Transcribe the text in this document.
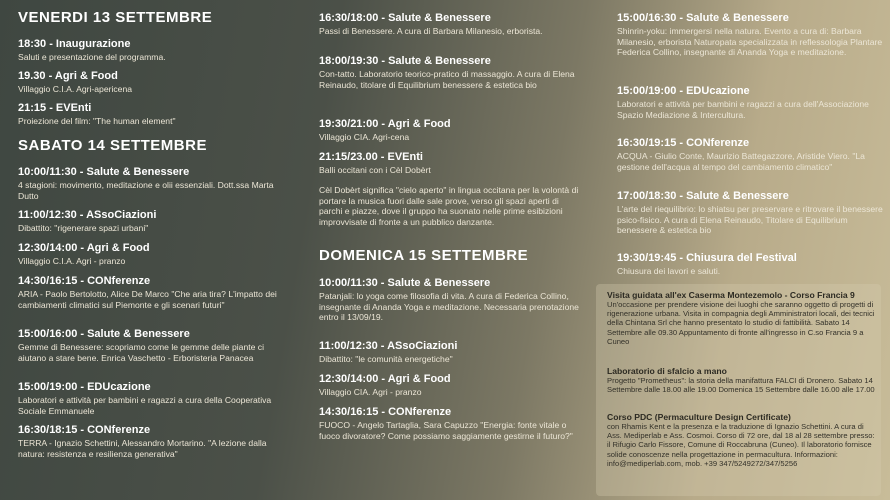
VENERDI 13 SETTEMBRE
18:30 - Inaugurazione
Saluti e presentazione del programma.
19.30 - Agri & Food
Villaggio C.I.A. Agri-apericena
21:15 - EVEnti
Proiezione del film: "The human element"
SABATO 14 SETTEMBRE
10:00/11:30 - Salute & Benessere
4 stagioni: movimento, meditazione e olii essenziali. Dott.ssa Marta Dutto
11:00/12:30 - ASsoCiazioni
Dibattito: "rigenerare spazi urbani"
12:30/14:00 - Agri & Food
Villaggio C.I.A. Agri - pranzo
14:30/16:15 - CONferenze
ARIA - Paolo Bertolotto, Alice De Marco "Che aria tira? L'impatto dei cambiamenti climatici sul Piemonte e gli scenari futuri"
15:00/16:00 - Salute & Benessere
Gemme di Benessere: scopriamo come le gemme delle piante ci aiutano a stare bene. Enrica Vaschetto - Erboristeria Panacea
15:00/19:00 - EDUcazione
Laboratori e attività per bambini e ragazzi a cura della Cooperativa Sociale Emmanuele
16:30/18:15 - CONferenze
TERRA - Ignazio Schettini, Alessandro Mortarino. "A lezione dalla natura: resistenza e resilienza generativa"
16:30/18:00 - Salute & Benessere
Passi di Benessere. A cura di Barbara Milanesio, erborista.
18:00/19:30 - Salute & Benessere
Con-tatto. Laboratorio teorico-pratico di massaggio. A cura di Elena Reinaudo, titolare di Equilibrium benessere & estetica bio
19:30/21:00 - Agri & Food
Villaggio CIA. Agri-cena
21:15/23.00 - EVEnti
Balli occitani con i Cèl Dobèrt
Cèl Dobèrt significa "cielo aperto" in lingua occitana per la volontà di portare la musica fuori dalle sale prove, verso gli spazi aperti di parchi e piazze, dove il gruppo ha suonato nelle prime esibizioni improvvisate di fronte a un pubblico danzante.
DOMENICA 15 SETTEMBRE
10:00/11:30 - Salute & Benessere
Patanjali: lo yoga come filosofia di vita. A cura di Federica Collino, insegnante di Ananda Yoga e meditazione. Necessaria prenotazione entro il 13/09/19.
11:00/12:30 - ASsoCiazioni
Dibattito: "le comunità energetiche"
12:30/14:00 - Agri & Food
Villaggio CIA. Agri - pranzo
14:30/16:15 - CONferenze
FUOCO - Angelo Tartaglia, Sara Capuzzo "Energia: fonte vitale o fuoco divoratore? Come possiamo saggiamente gestirne il futuro?"
15:00/16:30 - Salute & Benessere
Shinrin-yoku: immergersi nella natura. Evento a cura di: Barbara Milanesio, erborista Naturopata specializzata in reflessologia Plantare Federica Collino, insegnante di Ananda Yoga e meditazione.
15:00/19:00 - EDUcazione
Laboratori e attività per bambini e ragazzi a cura dell'Associazione Spazio Mediazione & Intercultura.
16:30/19:15 - CONferenze
ACQUA - Giulio Conte, Maurizio Battegazzore, Aristide Viero. "La gestione dell'acqua al tempo del cambiamento climatico"
17:00/18:30 - Salute & Benessere
L'arte del riequilibrio: lo shiatsu per preservare e ritrovare il benessere psico-fisico. A cura di Elena Reinaudo, Titolare di Equilibrium benessere & estetica bio
19:30/19:45 - Chiusura del Festival
Chiusura dei lavori e saluti.
Visita guidata all'ex Caserma Montezemolo - Corso Francia 9
Un'occasione per prendere visione dei luoghi che saranno oggetto di progetti di rigenerazione urbana. Visita in compagnia degli Amministratori locali, dei tecnici della Chintana Srl che hanno presentato lo studio di fattibilità. Sabato 14 Settembre alle 09.30 Appuntamento di fronte all'ingresso in C.so Francia 9 a Cuneo
Laboratorio di sfalcio a mano
Progetto "Prometheus": la storia della manifattura FALCI di Dronero. Sabato 14 Settembre dalle 18.00 alle 19.00 Domenica 15 Settembre dalle 16.00 alle 17.00
Corso PDC (Permaculture Design Certificate)
con Rhamis Kent e la presenza e la traduzione di Ignazio Schettini. A cura di Ass. Mediperlab e Ass. Cosmoi. Corso di 72 ore, dal 18 al 28 settembre presso: il Rifugio Carlo Fissore, Comune di Roccabruna (Cuneo). Il laboratorio fornisce solide conoscenze nella progettazione in permacultura. Informazioni: info@mediperlab.com, mob. +39 347/5249272/347/5256
